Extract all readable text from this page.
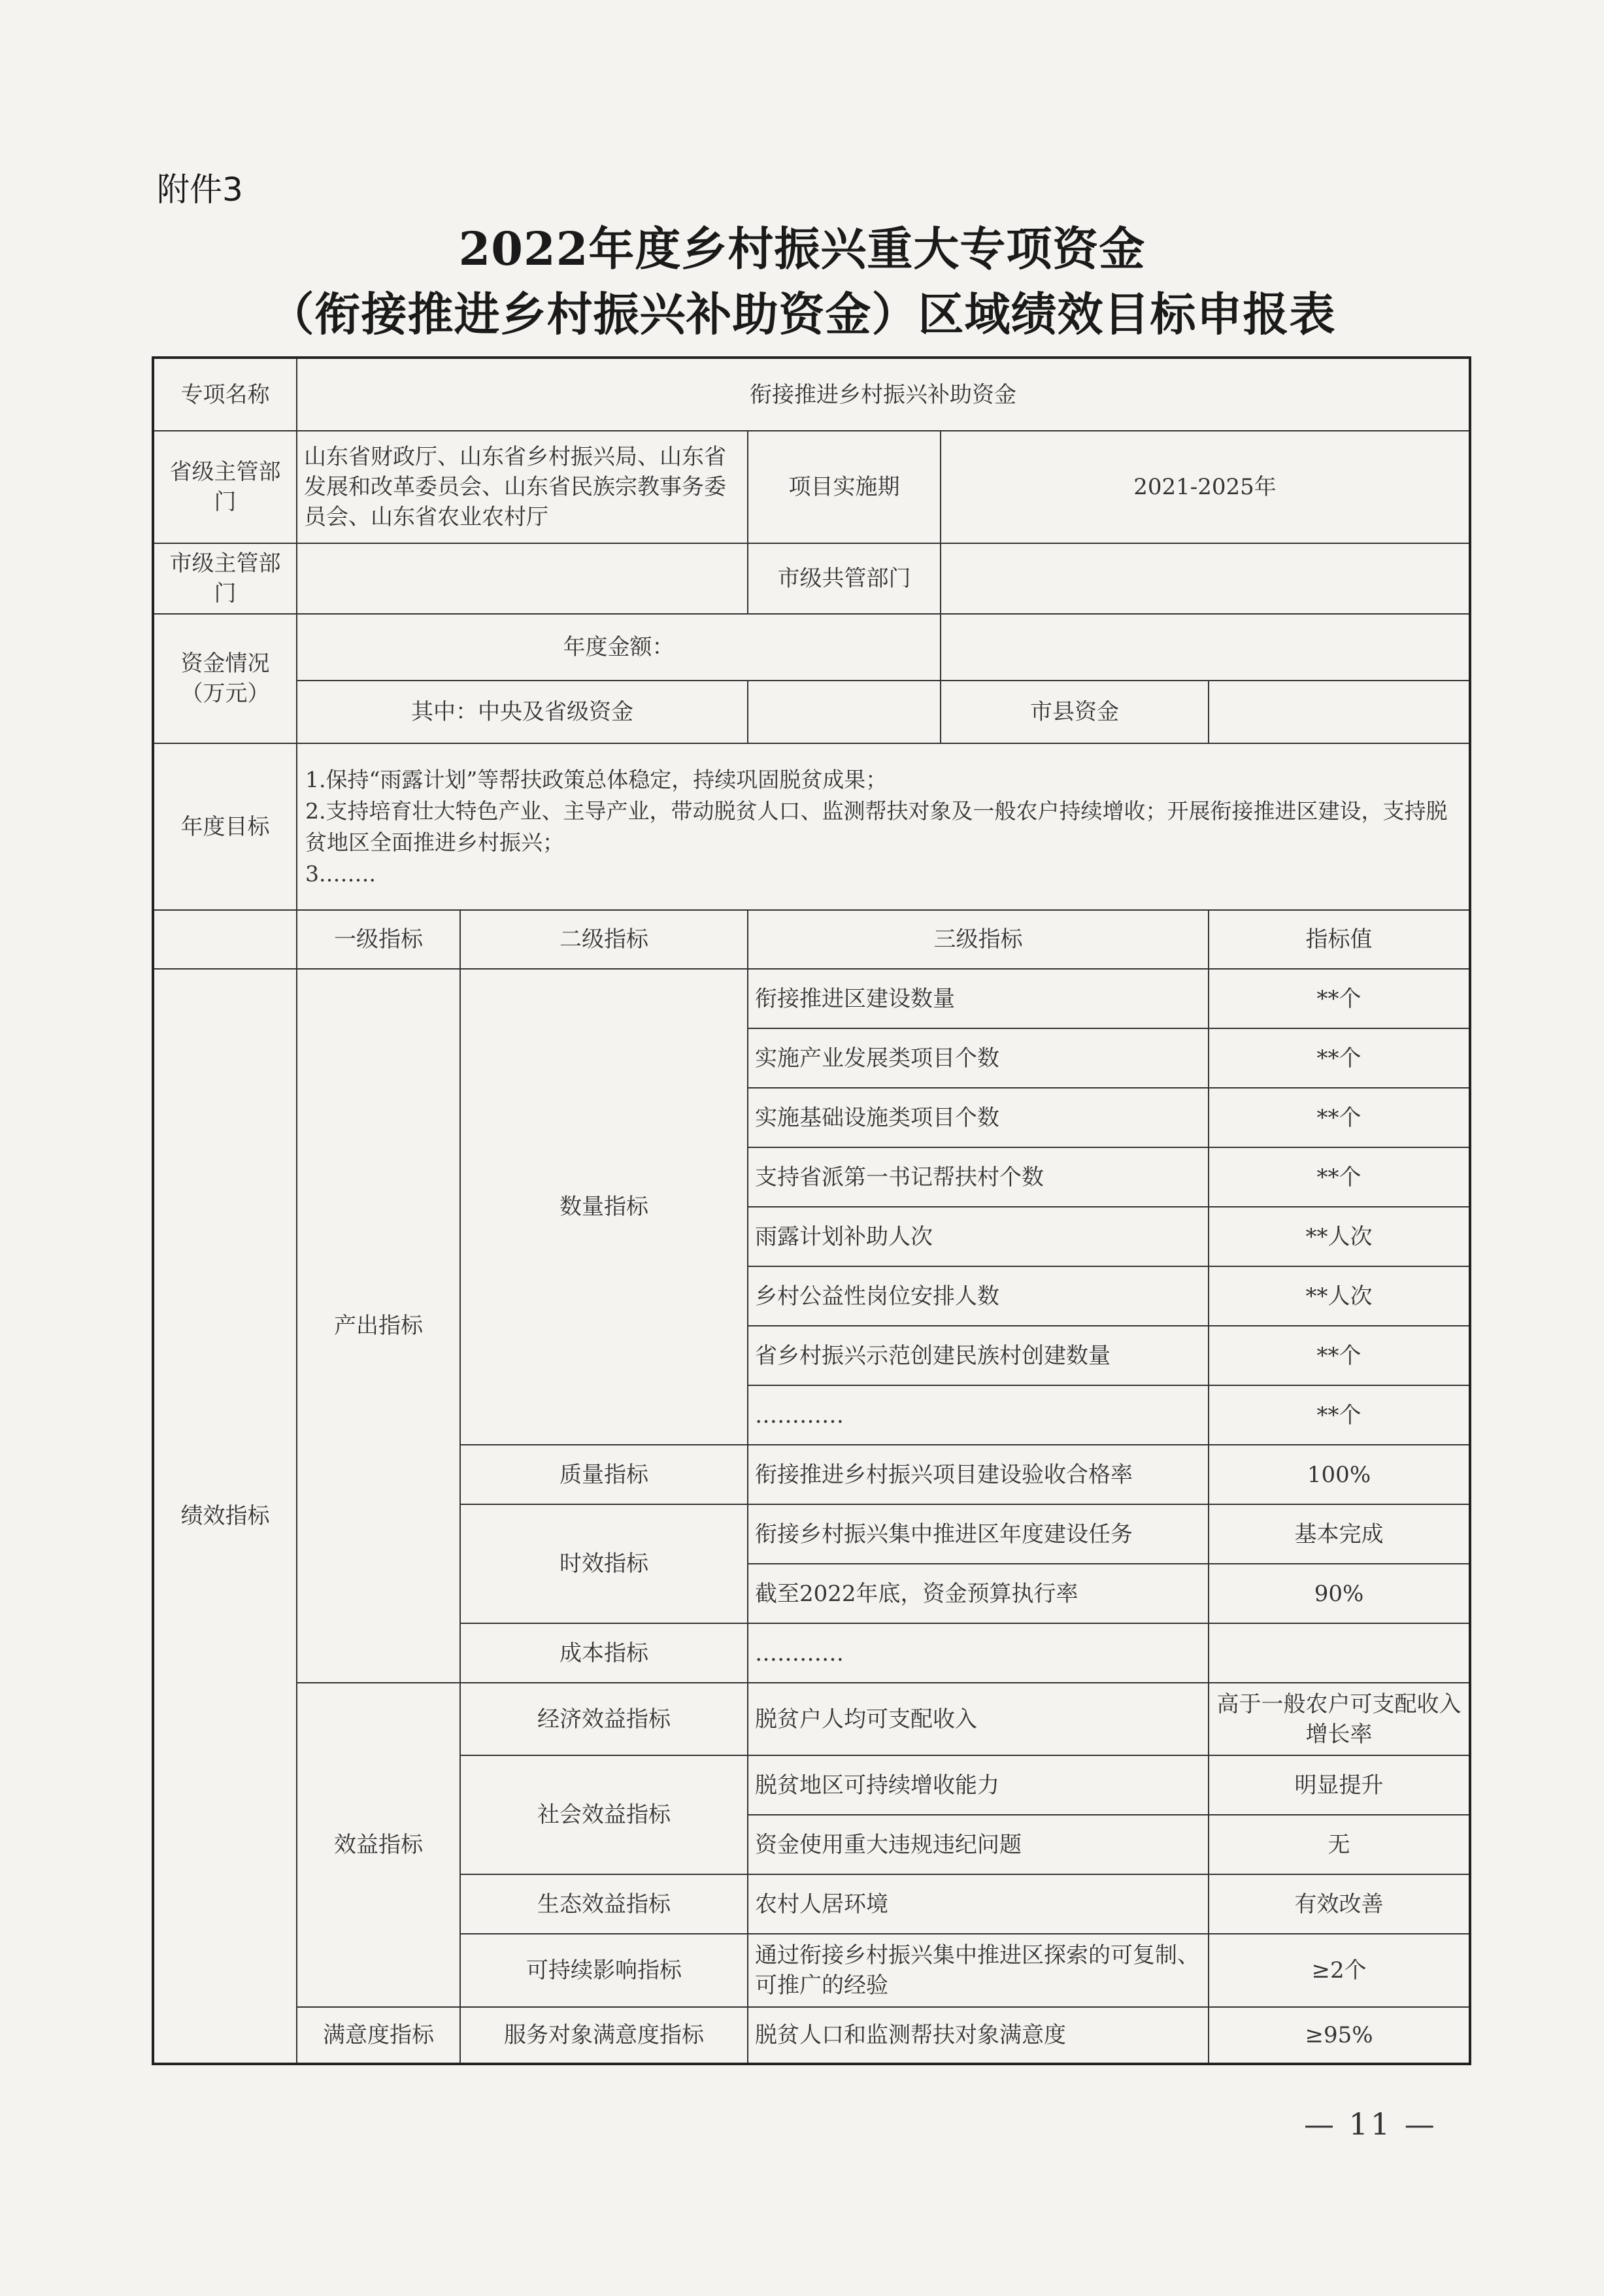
附件3
2022年度乡村振兴重大专项资金
（衔接推进乡村振兴补助资金）区域绩效目标申报表
专项名称	衔接推进乡村振兴补助资金				
省级主管部门	山东省财政厅、山东省乡村振兴局、山东省发展和改革委员会、山东省民族宗教事务委员会、山东省农业农村厅		项目实施期	2021-2025年	
市级主管部门			市级共管部门		
资金情况（万元）	年度金额：				
	其中：中央及省级资金			市县资金	
年度目标	1.保持“雨露计划”等帮扶政策总体稳定，持续巩固脱贫成果；
2.支持培育壮大特色产业、主导产业，带动脱贫人口、监测帮扶对象及一般农户持续增收；开展衔接推进区建设，支持脱贫地区全面推进乡村振兴；
3.…….				

	一级指标	二级指标	三级指标		指标值
绩效指标	产出指标	数量指标	衔接推进区建设数量		**个
			实施产业发展类项目个数		**个
			实施基础设施类项目个数		**个
			支持省派第一书记帮扶村个数		**个
			雨露计划补助人次		**人次
			乡村公益性岗位安排人数		**人次
			省乡村振兴示范创建民族村创建数量		**个
			…………		**个
		质量指标	衔接推进乡村振兴项目建设验收合格率		100%
		时效指标	衔接乡村振兴集中推进区年度建设任务		基本完成
			截至2022年底，资金预算执行率		90%
		成本指标	…………		
	效益指标	经济效益指标	脱贫户人均可支配收入		高于一般农户可支配收入增长率
		社会效益指标	脱贫地区可持续增收能力		明显提升
			资金使用重大违规违纪问题		无
		生态效益指标	农村人居环境		有效改善
		可持续影响指标	通过衔接乡村振兴集中推进区探索的可复制、可推广的经验		≥2个
	满意度指标	服务对象满意度指标	脱贫人口和监测帮扶对象满意度		≥95%
— 11 —
